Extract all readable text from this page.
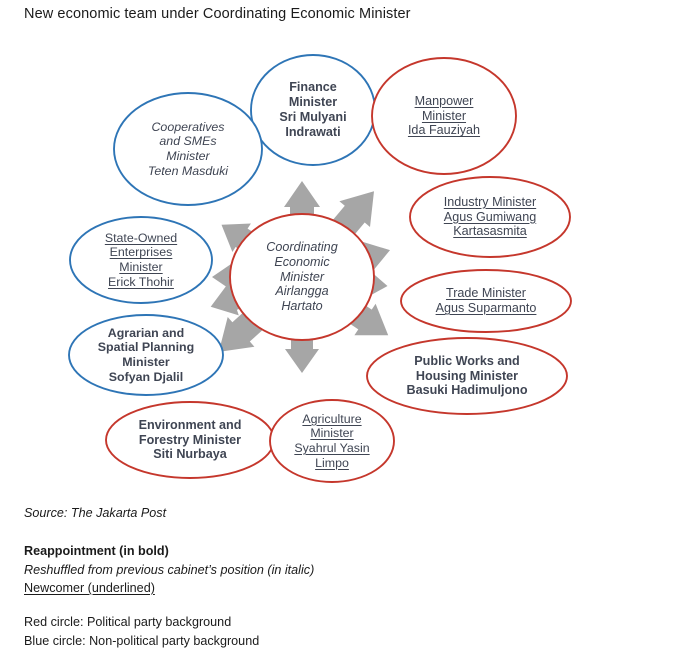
New economic team under Coordinating Economic Minister
Finance
Minister
Sri Mulyani
Indrawati
Cooperatives
and SMEs
Minister
Teten Masduki
Manpower
Minister
Ida Fauziyah
Industry Minister
Agus Gumiwang
Kartasasmita
Trade Minister
Agus Suparmanto
Public Works and
Housing Minister
Basuki Hadimuljono
State-Owned
Enterprises
Minister
Erick Thohir
Agrarian and
Spatial Planning
Minister
Sofyan Djalil
Environment and
Forestry Minister
Siti Nurbaya
Agriculture
Minister
Syahrul Yasin
Limpo
Coordinating
Economic
Minister
Airlangga
Hartato
Source: The Jakarta Post
Reappointment (in bold)
Reshuffled from previous cabinet’s position (in italic)
Newcomer (underlined)
Red circle: Political party background
Blue circle: Non-political party background
